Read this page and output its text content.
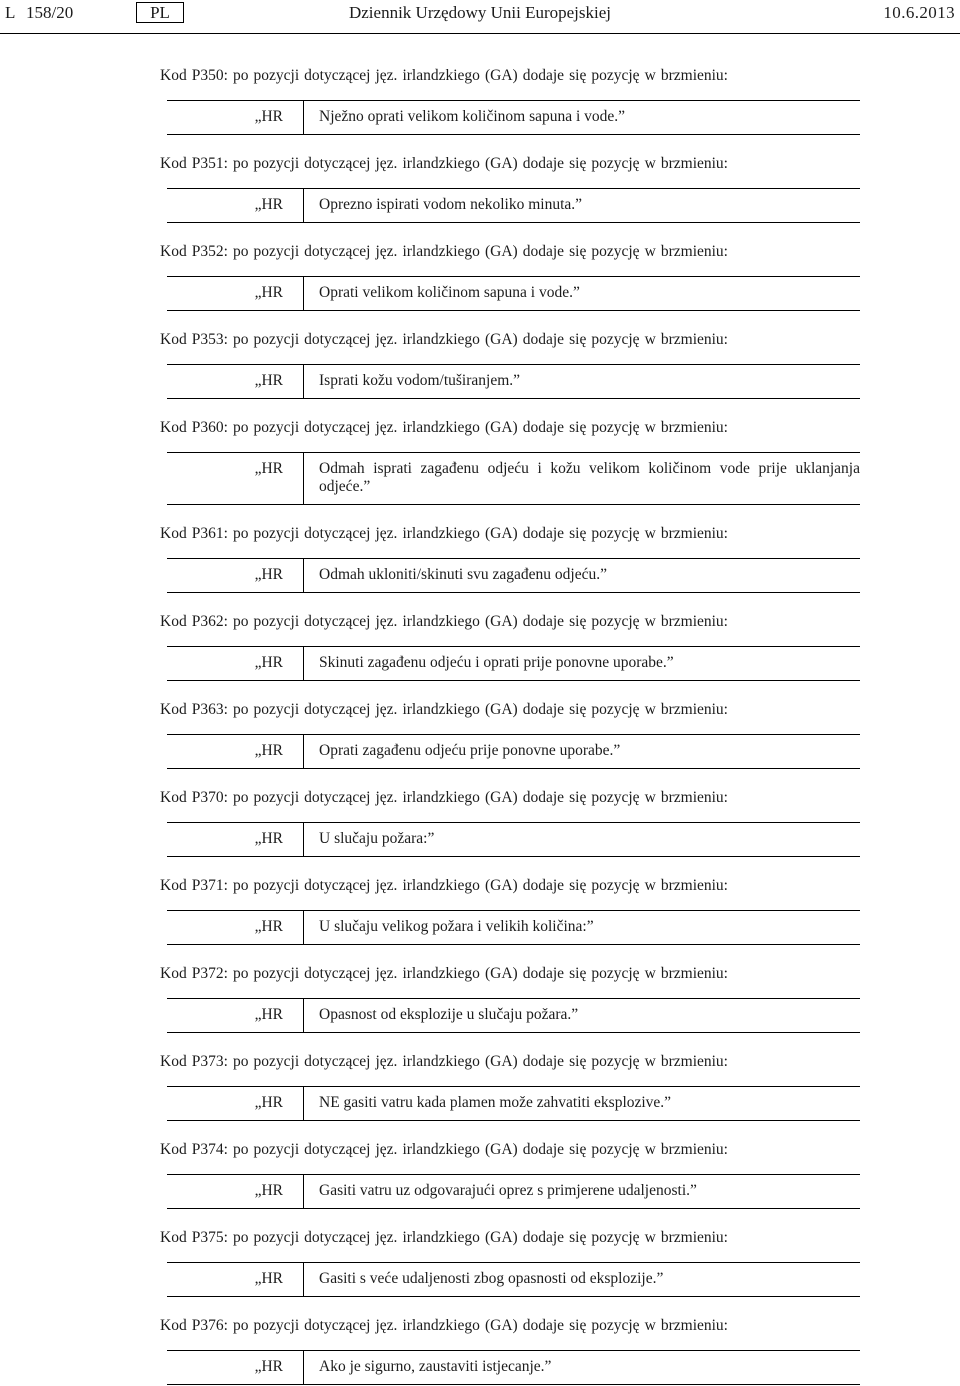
L 158/20	PL	Dziennik Urzędowy Unii Europejskiej	10.6.2013
Kod P350: po pozycji dotyczącej jęz. irlandzkiego (GA) dodaje się pozycję w brzmieniu:
„HR	Nježno oprati velikom količinom sapuna i vode.”
Kod P351: po pozycji dotyczącej jęz. irlandzkiego (GA) dodaje się pozycję w brzmieniu:
„HR	Oprezno ispirati vodom nekoliko minuta.”
Kod P352: po pozycji dotyczącej jęz. irlandzkiego (GA) dodaje się pozycję w brzmieniu:
„HR	Oprati velikom količinom sapuna i vode.”
Kod P353: po pozycji dotyczącej jęz. irlandzkiego (GA) dodaje się pozycję w brzmieniu:
„HR	Isprati kožu vodom/tuširanjem.”
Kod P360: po pozycji dotyczącej jęz. irlandzkiego (GA) dodaje się pozycję w brzmieniu:
„HR	Odmah isprati zagađenu odjeću i kožu velikom količinom vode prije uklanjanja odjeće.”
Kod P361: po pozycji dotyczącej jęz. irlandzkiego (GA) dodaje się pozycję w brzmieniu:
„HR	Odmah ukloniti/skinuti svu zagađenu odjeću.”
Kod P362: po pozycji dotyczącej jęz. irlandzkiego (GA) dodaje się pozycję w brzmieniu:
„HR	Skinuti zagađenu odjeću i oprati prije ponovne uporabe.”
Kod P363: po pozycji dotyczącej jęz. irlandzkiego (GA) dodaje się pozycję w brzmieniu:
„HR	Oprati zagađenu odjeću prije ponovne uporabe.”
Kod P370: po pozycji dotyczącej jęz. irlandzkiego (GA) dodaje się pozycję w brzmieniu:
„HR	U slučaju požara:”
Kod P371: po pozycji dotyczącej jęz. irlandzkiego (GA) dodaje się pozycję w brzmieniu:
„HR	U slučaju velikog požara i velikih količina:”
Kod P372: po pozycji dotyczącej jęz. irlandzkiego (GA) dodaje się pozycję w brzmieniu:
„HR	Opasnost od eksplozije u slučaju požara.”
Kod P373: po pozycji dotyczącej jęz. irlandzkiego (GA) dodaje się pozycję w brzmieniu:
„HR	NE gasiti vatru kada plamen može zahvatiti eksplozive.”
Kod P374: po pozycji dotyczącej jęz. irlandzkiego (GA) dodaje się pozycję w brzmieniu:
„HR	Gasiti vatru uz odgovarajući oprez s primjerene udaljenosti.”
Kod P375: po pozycji dotyczącej jęz. irlandzkiego (GA) dodaje się pozycję w brzmieniu:
„HR	Gasiti s veće udaljenosti zbog opasnosti od eksplozije.”
Kod P376: po pozycji dotyczącej jęz. irlandzkiego (GA) dodaje się pozycję w brzmieniu:
„HR	Ako je sigurno, zaustaviti istjecanje.”
